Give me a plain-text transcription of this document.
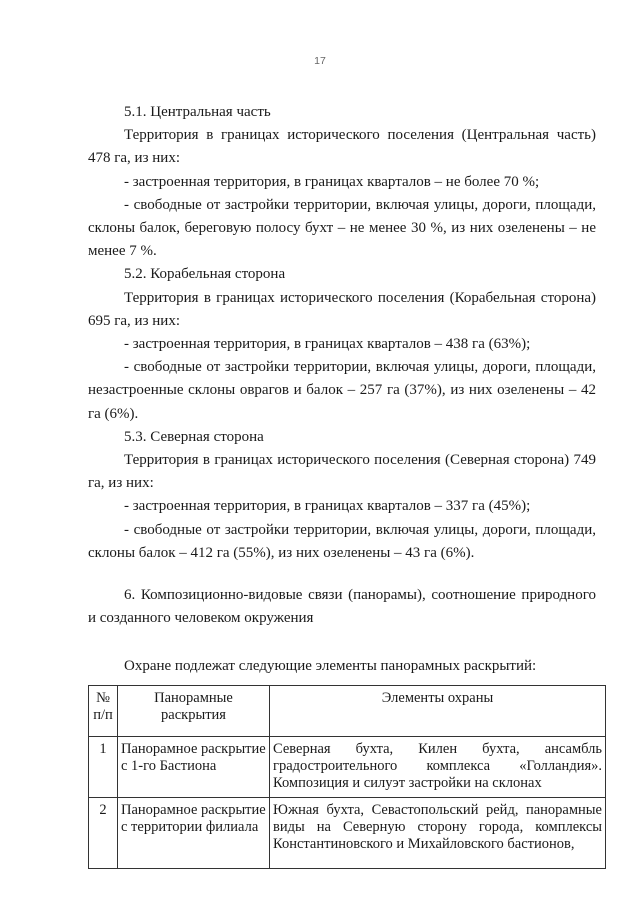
17

5.1. Центральная часть

Территория в границах исторического поселения (Центральная часть) 478 га, из них:

- застроенная территория, в границах кварталов – не более 70 %;

- свободные от застройки территории, включая улицы, дороги, площади, склоны балок, береговую полосу бухт – не менее 30 %, из них озеленены – не менее 7 %.

5.2. Корабельная сторона

Территория в границах исторического поселения (Корабельная сторона) 695 га, из них:

- застроенная территория, в границах кварталов – 438 га (63%);

- свободные от застройки территории, включая улицы, дороги, площади, незастроенные склоны оврагов и балок – 257 га (37%), из них озеленены – 42 га (6%).

5.3. Северная сторона

Территория в границах исторического поселения (Северная сторона) 749 га, из них:

- застроенная территория, в границах кварталов – 337 га (45%);

- свободные от застройки территории, включая улицы, дороги, площади, склоны балок – 412 га (55%), из них озеленены – 43 га (6%).

6. Композиционно-видовые связи (панорамы), соотношение природного и созданного человеком окружения

Охране подлежат следующие элементы панорамных раскрытий:

№ п/п	Панорамные раскрытия	Элементы охраны
1	Панорамное раскрытие с 1-го Бастиона	Северная бухта, Килен бухта, ансамбль градостроительного комплекса «Голландия». Композиция и силуэт застройки на склонах
2	Панорамное раскрытие с территории филиала	Южная бухта, Севастопольский рейд, панорамные виды на Северную сторону города, комплексы Константиновского и Михайловского бастионов,
